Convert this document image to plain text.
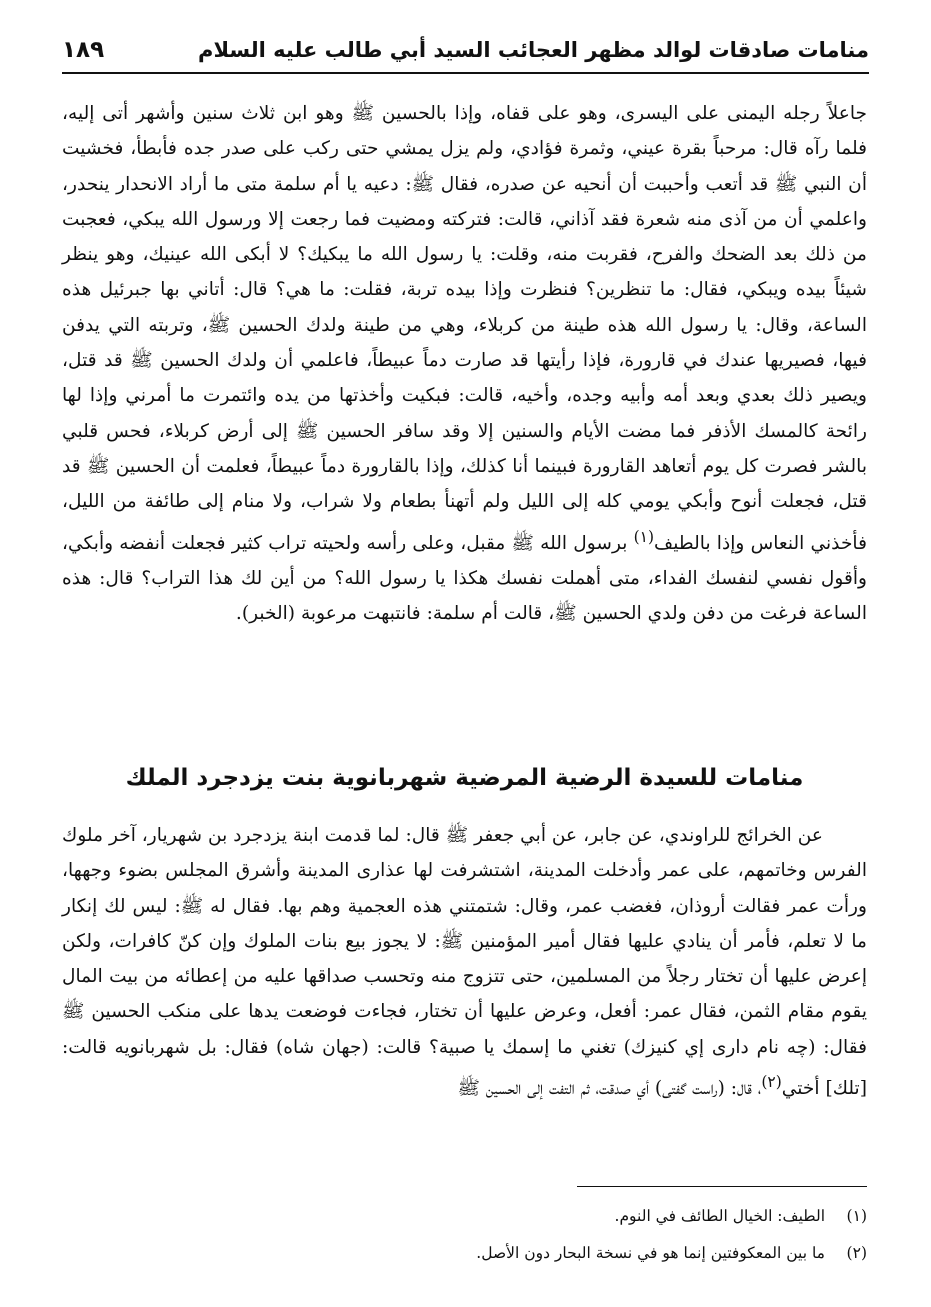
منامات صادقات لوالد مظهر العجائب السيد أبي طالب عليه السلام
١٨٩

جاعلاً رجله اليمنى على اليسرى، وهو على قفاه، وإذا بالحسين ﷺ وهو ابن ثلاث سنين وأشهر أتى إليه، فلما رآه قال: مرحباً بقرة عيني، وثمرة فؤادي، ولم يزل يمشي حتى ركب على صدر جده فأبطأ، فخشيت أن النبي ﷺ قد أتعب وأحببت أن أنحيه عن صدره، فقال ﷺ: دعيه يا أم سلمة متى ما أراد الانحدار ينحدر، واعلمي أن من آذى منه شعرة فقد آذاني، قالت: فتركته ومضيت فما رجعت إلا ورسول الله يبكي، فعجبت من ذلك بعد الضحك والفرح، فقربت منه، وقلت: يا رسول الله ما يبكيك؟ لا أبكى الله عينيك، وهو ينظر شيئاً بيده ويبكي، فقال: ما تنظرين؟ فنظرت وإذا بيده تربة، فقلت: ما هي؟ قال: أتاني بها جبرئيل هذه الساعة، وقال: يا رسول الله هذه طينة من كربلاء، وهي من طينة ولدك الحسين ﷺ، وتربته التي يدفن فيها، فصيريها عندك في قارورة، فإذا رأيتها قد صارت دماً عبيطاً، فاعلمي أن ولدك الحسين ﷺ قد قتل، ويصير ذلك بعدي وبعد أمه وأبيه وجده، وأخيه، قالت: فبكيت وأخذتها من يده وائتمرت ما أمرني وإذا لها رائحة كالمسك الأذفر فما مضت الأيام والسنين إلا وقد سافر الحسين ﷺ إلى أرض كربلاء، فحس قلبي بالشر فصرت كل يوم أتعاهد القارورة فبينما أنا كذلك، وإذا بالقارورة دماً عبيطاً، فعلمت أن الحسين ﷺ قد قتل، فجعلت أنوح وأبكي يومي كله إلى الليل ولم أتهنأ بطعام ولا شراب، ولا منام إلى طائفة من الليل، فأخذني النعاس وإذا بالطيف$^{(١)}$ برسول الله ﷺ مقبل، وعلى رأسه ولحيته تراب كثير فجعلت أنفضه وأبكي، وأقول نفسي لنفسك الفداء، متى أهملت نفسك هكذا يا رسول الله؟ من أين لك هذا التراب؟ قال: هذه الساعة فرغت من دفن ولدي الحسين ﷺ، قالت أم سلمة: فانتبهت مرعوبة (الخبر).

منامات للسيدة الرضية المرضية شهربانوية بنت يزدجرد الملك

عن الخرائج للراوندي، عن جابر، عن أبي جعفر ﷺ قال: لما قدمت ابنة يزدجرد بن شهريار، آخر ملوك الفرس وخاتمهم، على عمر وأدخلت المدينة، اشتشرفت لها عذارى المدينة وأشرق المجلس بضوء وجهها، ورأت عمر فقالت أروذان، فغضب عمر، وقال: شتمتني هذه العجمية وهم بها. فقال له ﷺ: ليس لك إنكار ما لا تعلم، فأمر أن ينادي عليها فقال أمير المؤمنين ﷺ: لا يجوز بيع بنات الملوك وإن كنّ كافرات، ولكن إعرض عليها أن تختار رجلاً من المسلمين، حتى تتزوج منه وتحسب صداقها عليه من إعطائه من بيت المال يقوم مقام الثمن، فقال عمر: أفعل، وعرض عليها أن تختار، فجاءت فوضعت يدها على منكب الحسين ﷺ فقال: (چه نام داری إي كنيزك) تغني ما إسمك يا صبية؟ قالت: (جهان شاه) فقال: بل شهربانويه قالت: [تلك] أختي$^{(٢)}$، قال: (راست گفتى) أي صدقت، ثم التفت إلى الحسين ﷺ

(١)
الطيف: الخيال الطائف في النوم.
(٢)
ما بين المعكوفتين إنما هو في نسخة البحار دون الأصل.
